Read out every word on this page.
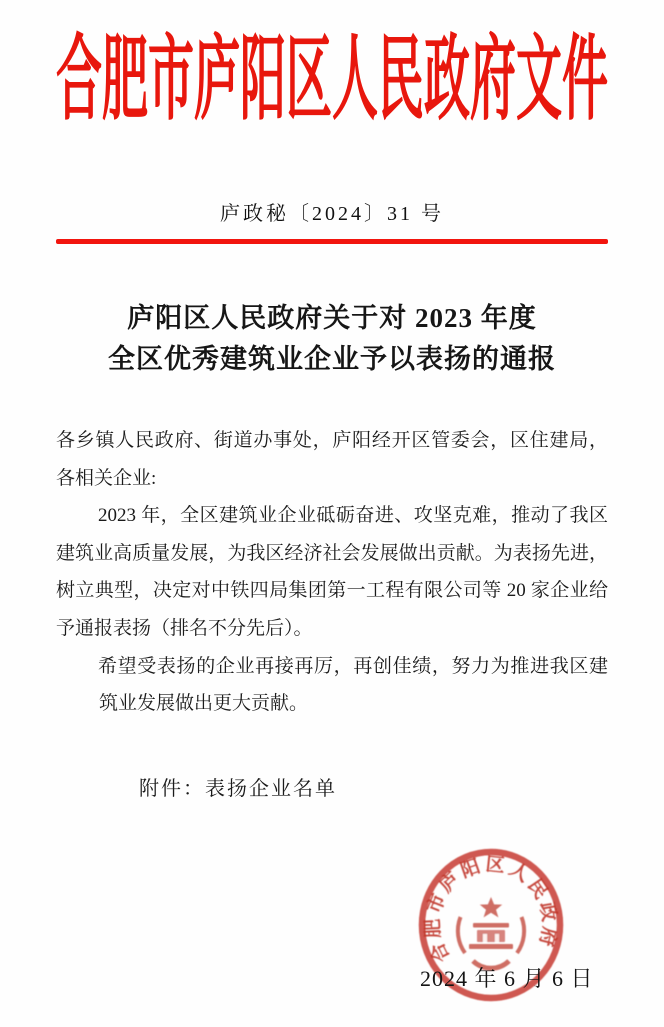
合肥市庐阳区人民政府文件
庐政秘〔2024〕31 号
庐阳区人民政府关于对 2023 年度
全区优秀建筑业企业予以表扬的通报
各乡镇人民政府、街道办事处，庐阳经开区管委会，区住建局，
各相关企业:
2023 年，全区建筑业企业砥砺奋进、攻坚克难，推动了我区
建筑业高质量发展，为我区经济社会发展做出贡献。为表扬先进，
树立典型，决定对中铁四局集团第一工程有限公司等 20 家企业给
予通报表扬（排名不分先后）。
希望受表扬的企业再接再厉，再创佳绩，努力为推进我区建
筑业发展做出更大贡献。
附件：表扬企业名单
合肥市庐阳区人民政府
2024 年 6 月 6 日
